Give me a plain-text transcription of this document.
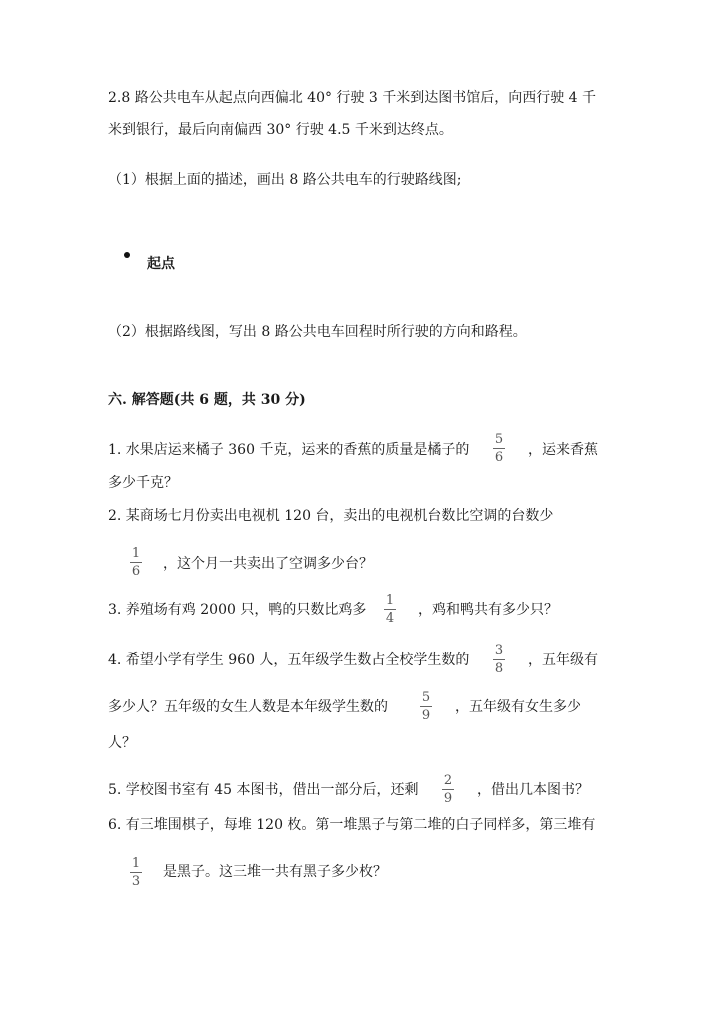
2.8 路公共电车从起点向西偏北 40° 行驶 3 千米到达图书馆后，向西行驶 4 千
米到银行，最后向南偏西 30° 行驶 4.5 千米到达终点。
（1）根据上面的描述，画出 8 路公共电车的行驶路线图;
起点
（2）根据路线图，写出 8 路公共电车回程时所行驶的方向和路程。
六. 解答题(共 6 题，共 30 分)
1. 水果店运来橘子 360 千克，运来的香蕉的质量是橘子的
5
6 ，运来香蕉
多少千克？
2. 某商场七月份卖出电视机 120 台，卖出的电视机台数比空调的台数少
1
6 ，这个月一共卖出了空调多少台？
3. 养殖场有鸡 2000 只，鸭的只数比鸡多
1
4
，鸡和鸭共有多少只？
4. 希望小学有学生 960 人，五年级学生数占全校学生数的
3
8
，五年级有
多少人？五年级的女生人数是本年级学生数的
5
9
，五年级有女生多少
人？
5. 学校图书室有 45 本图书，借出一部分后，还剩
2
9
，借出几本图书？
6. 有三堆围棋子，每堆 120 枚。第一堆黑子与第二堆的白子同样多，第三堆有
1
3
是黑子。这三堆一共有黑子多少枚？
